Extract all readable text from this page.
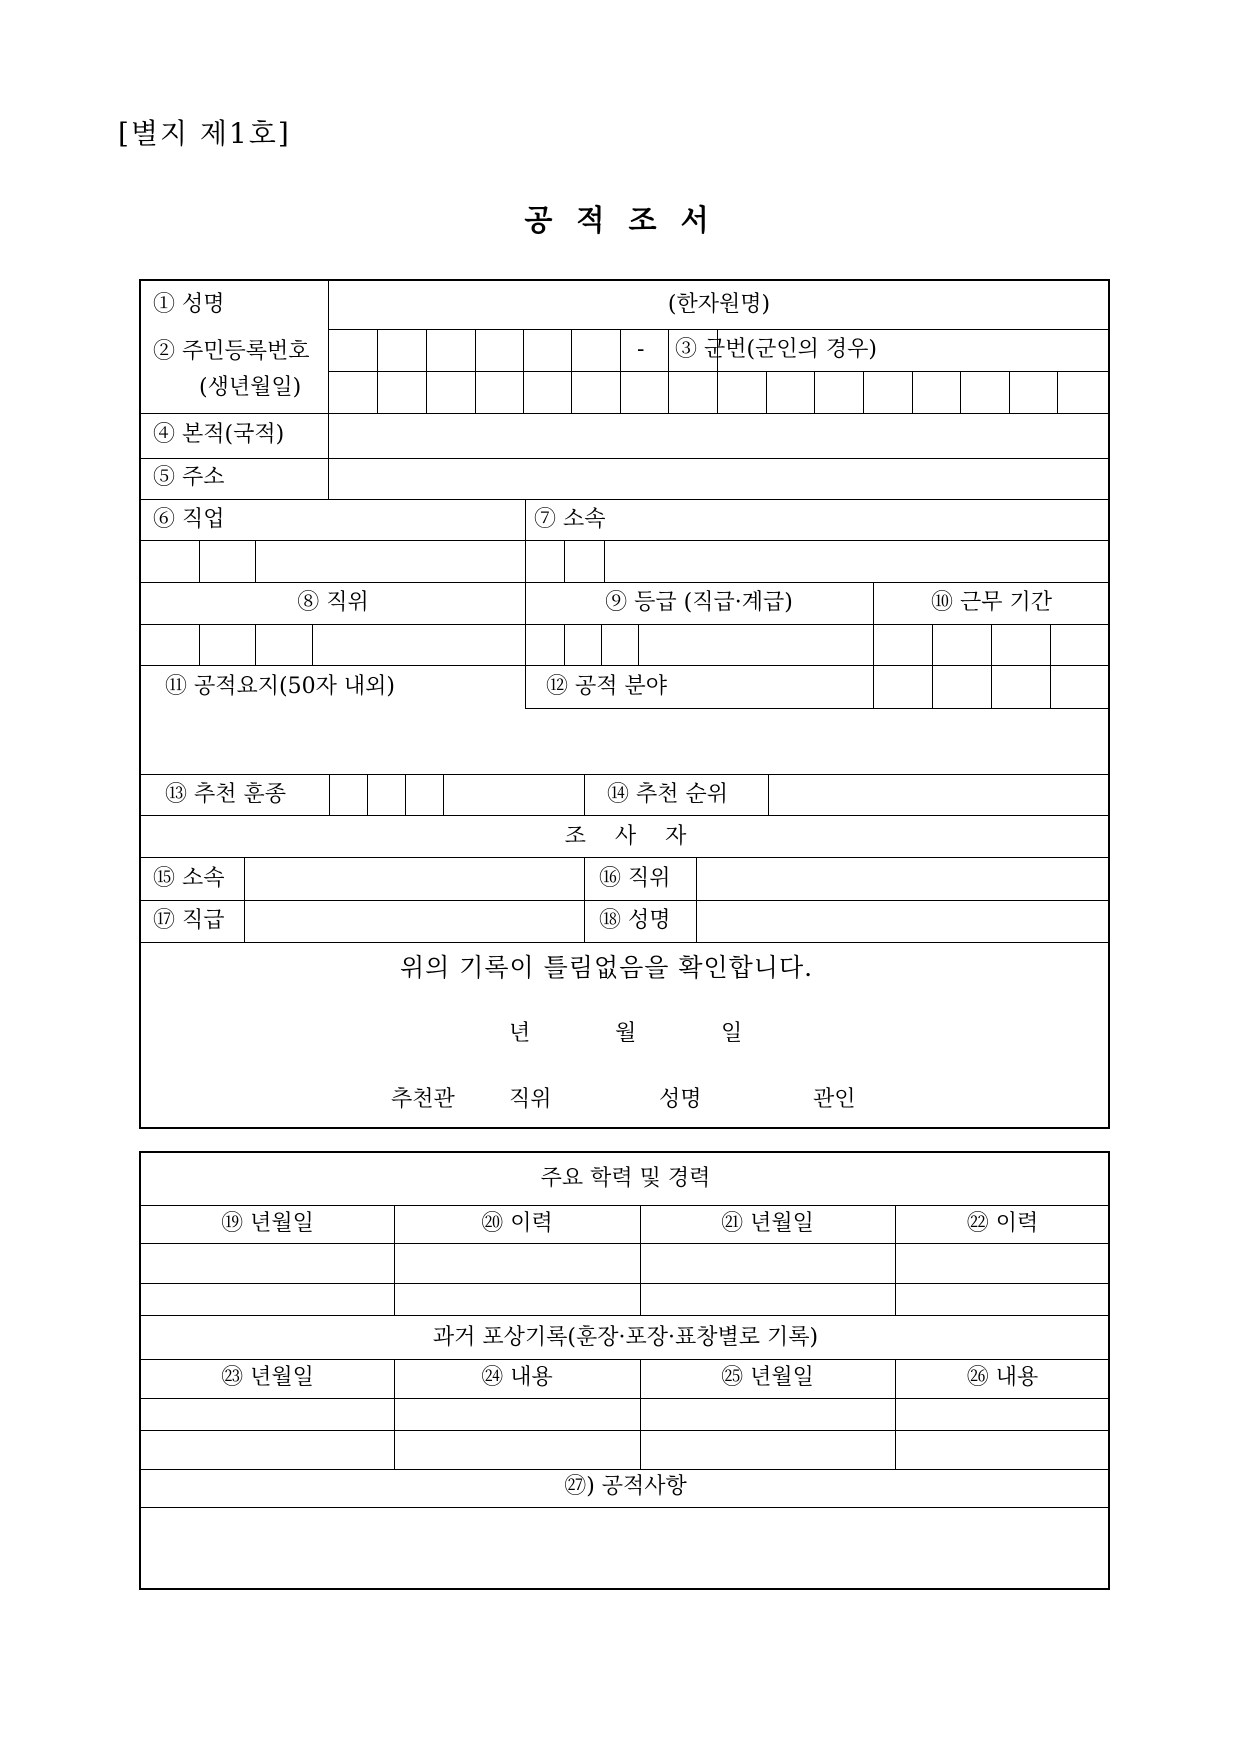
[별지 제1호]
공 적 조 서
① 성명	(한자원명)
② 주민등록번호
(생년월일)
- ③ 군번(군인의 경우)
④ 본적(국적)
⑤ 주소
⑥ 직업	⑦ 소속
⑧ 직위	⑨ 등급 (직급·계급)	⑩ 근무 기간
⑪ 공적요지(50자 내외)	⑫ 공적 분야
⑬ 추천 훈종	⑭ 추천 순위
조 사 자
⑮ 소속	⑯ 직위
⑰ 직급	⑱ 성명
위의 기록이 틀림없음을 확인합니다.
년	월	일
추천관 직위	성명	관인
주요 학력 및 경력
⑲ 년월일	⑳ 이력	㉑ 년월일	㉒ 이력
과거 포상기록(훈장·포장·표창별로 기록)
㉓ 년월일	㉔ 내용	㉕ 년월일	㉖ 내용
㉗) 공적사항
